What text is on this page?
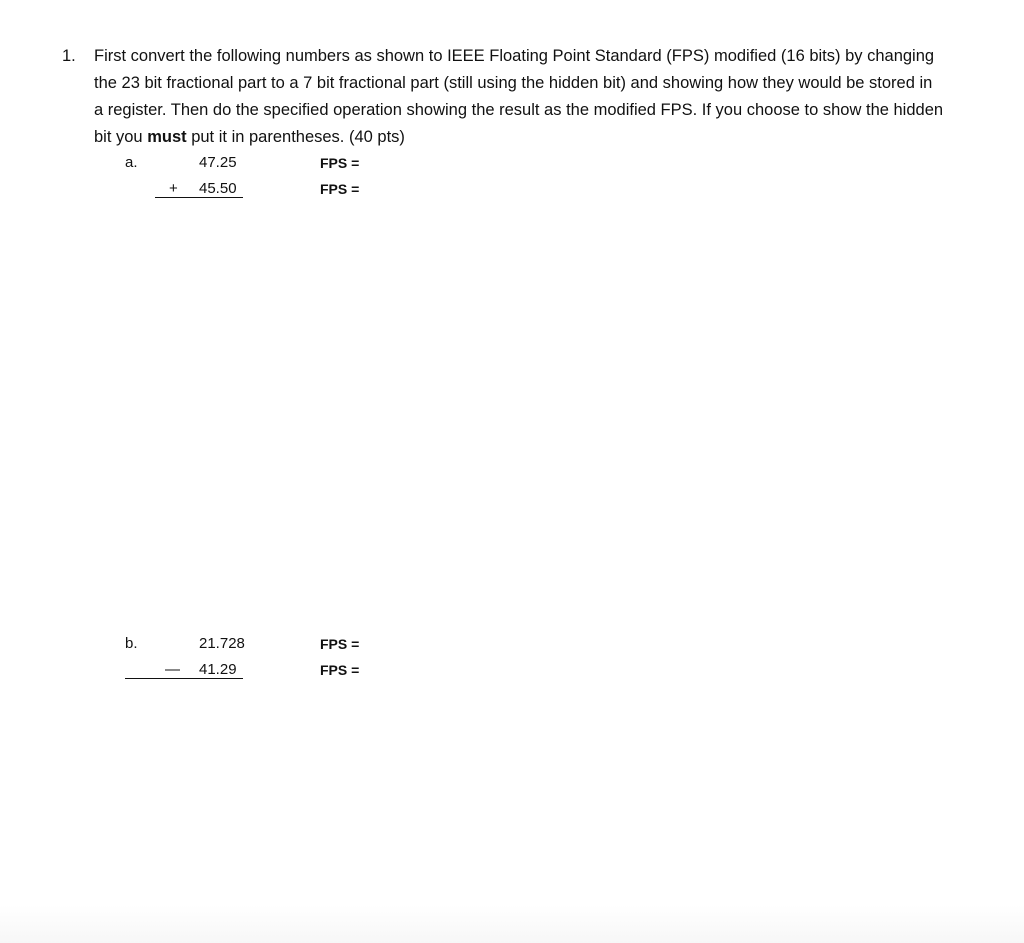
1. First convert the following numbers as shown to IEEE Floating Point Standard (FPS) modified (16 bits) by changing the 23 bit fractional part to a 7 bit fractional part (still using the hidden bit) and showing how they would be stored in a register. Then do the specified operation showing the result as the modified FPS. If you choose to show the hidden bit you must put it in parentheses. (40 pts)
a.	47.25	FPS =
+ 45.50	FPS =
b.	21.728	FPS =
— 41.29	FPS =
